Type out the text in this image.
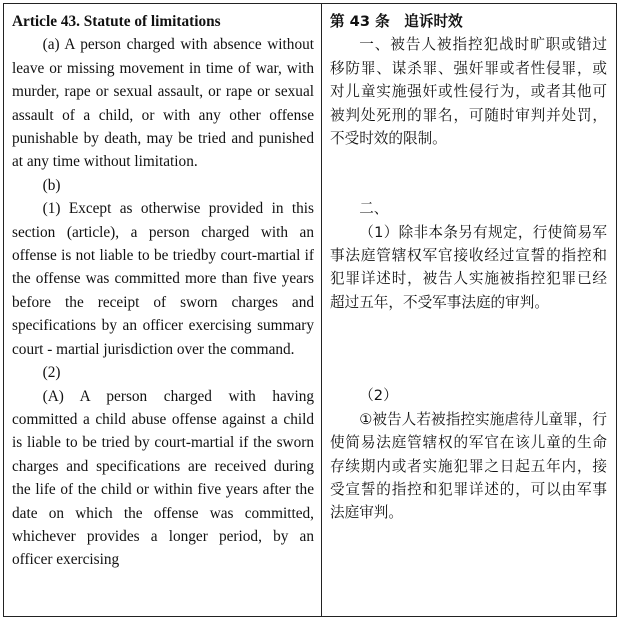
Article 43. Statute of limitations
(a) A person charged with absence without leave or missing movement in time of war, with murder, rape or sexual assault, or rape or sexual assault of a child, or with any other offense punishable by death, may be tried and punished at any time without limitation.
(b)
(1) Except as otherwise provided in this section (article), a person charged with an offense is not liable to be triedby court-martial if the offense was committed more than five years before the receipt of sworn charges and specifications by an officer exercising summary court - martial jurisdiction over the command.
(2)
(A) A person charged with having committed a child abuse offense against a child is liable to be tried by court-martial if the sworn charges and specifications are received during the life of the child or within five years after the date on which the offense was committed, whichever provides a longer period, by an officer exercising
第 43 条　追诉时效
一、被告人被指控犯战时旷职或错过移防罪、谋杀罪、强奸罪或者性侵罪，或对儿童实施强奸或性侵行为，或者其他可被判处死刑的罪名，可随时审判并处罚，不受时效的限制。
二、
（1）除非本条另有规定，行使简易军事法庭管辖权军官接收经过宣誓的指控和犯罪详述时，被告人实施被指控犯罪已经超过五年，不受军事法庭的审判。
（2）
①被告人若被指控实施虐待儿童罪，行使简易法庭管辖权的军官在该儿童的生命存续期内或者实施犯罪之日起五年内，接受宣誓的指控和犯罪详述的，可以由军事法庭审判。
